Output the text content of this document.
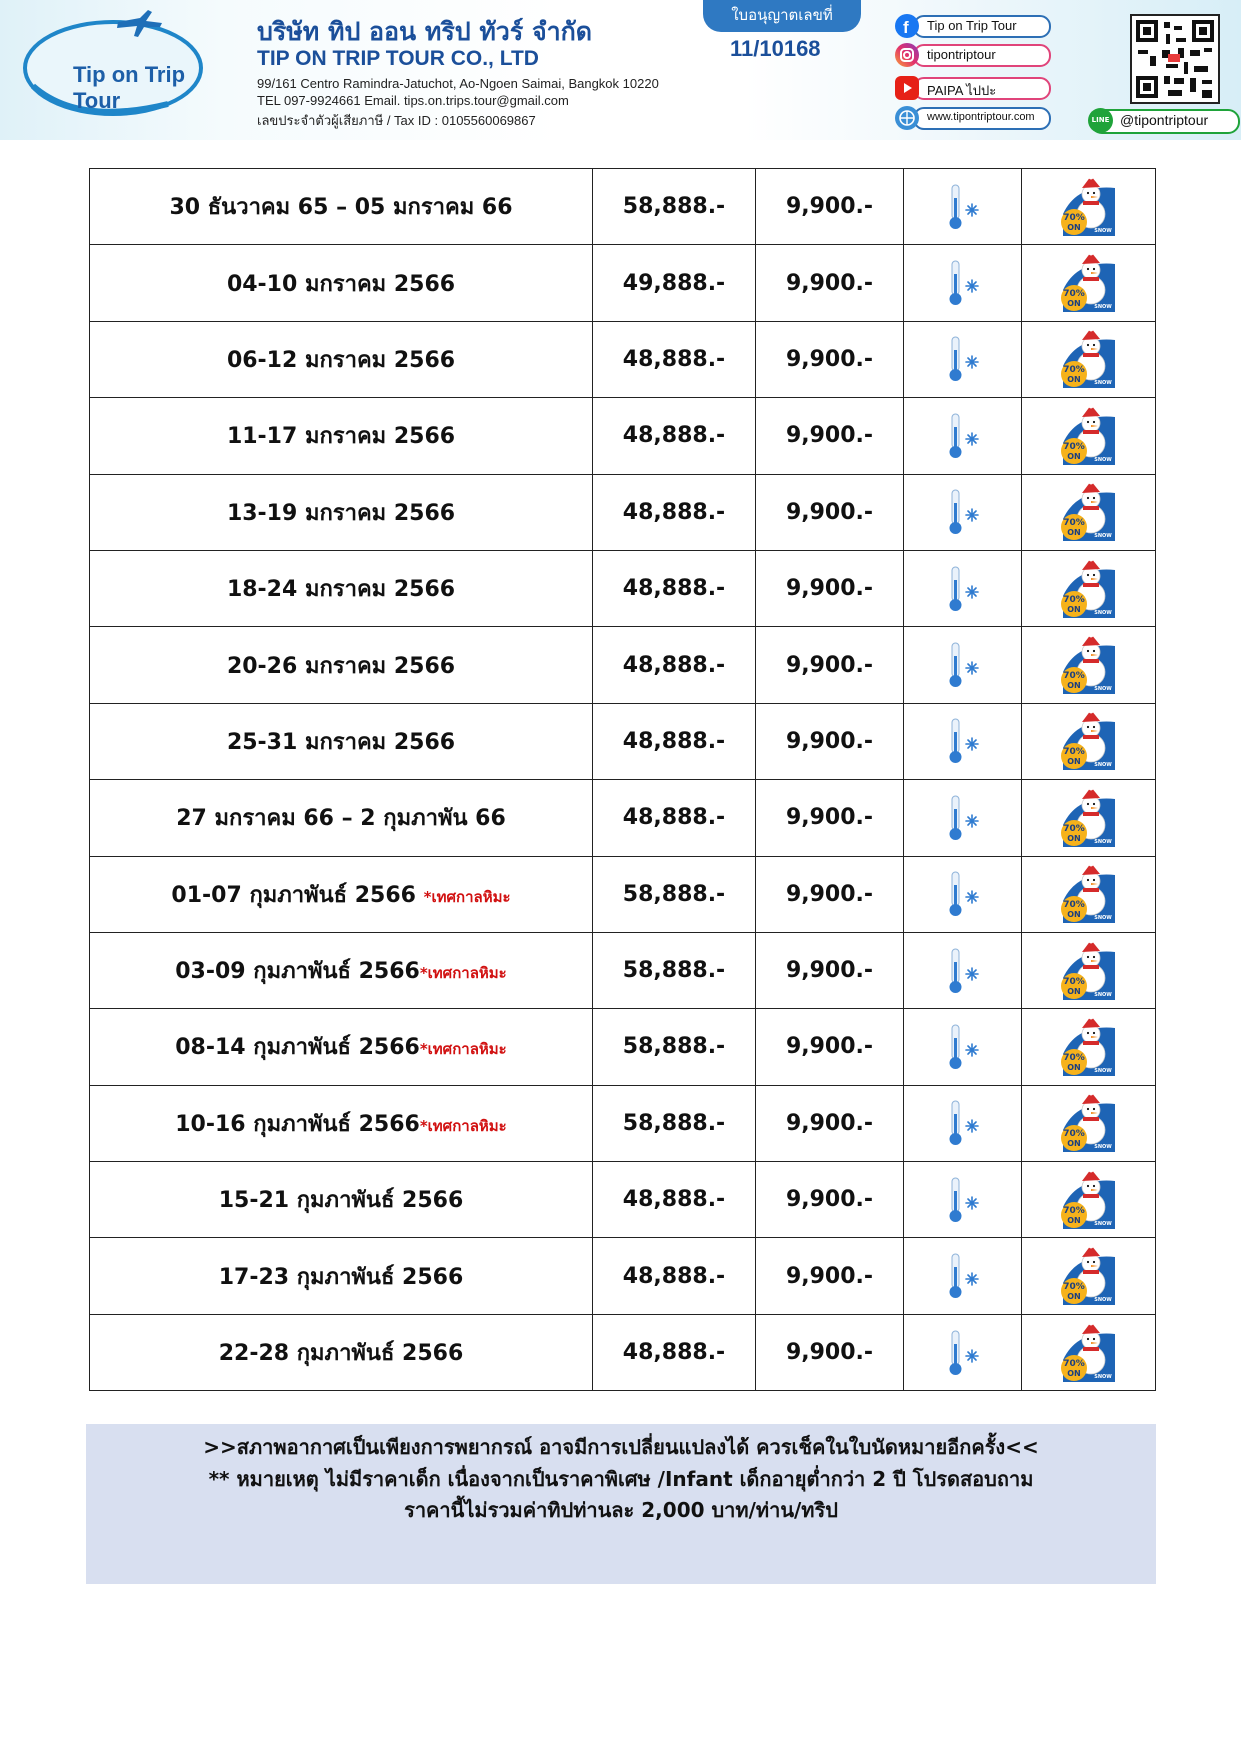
Tip on Trip Tour
บริษัท ทิป ออน ทริป ทัวร์ จำกัด
TIP ON TRIP TOUR CO., LTD
99/161 Centro Ramindra-Jatuchot, Ao-Ngoen Saimai, Bangkok 10220
TEL 097-9924661 Email. tips.on.trips.tour@gmail.com
เลขประจำตัวผู้เสียภาษี / Tax ID : 0105560069867
ใบอนุญาตเลขที่
11/10168
f Tip on Trip Tour
tipontriptour
PAIPA ไปปะ
www.tipontriptour.com	LINE @tipontriptour
30 ธันวาคม 65 – 05 มกราคม 66	58,888.-	9,900.-		70%
ON SNOW

04-10 มกราคม 2566	49,888.-	9,900.-		70%
ON SNOW

06-12 มกราคม 2566	48,888.-	9,900.-		70%
ON SNOW

11-17 มกราคม 2566	48,888.-	9,900.-		70%
ON SNOW

13-19 มกราคม 2566	48,888.-	9,900.-		70%
ON SNOW

18-24 มกราคม 2566	48,888.-	9,900.-		70%
ON SNOW

20-26 มกราคม 2566	48,888.-	9,900.-		70%
ON SNOW

25-31 มกราคม 2566	48,888.-	9,900.-		70%
ON SNOW

27 มกราคม 66 – 2 กุมภาพัน 66	48,888.-	9,900.-		70%
ON SNOW

01-07 กุมภาพันธ์ 2566 *เทศกาลหิมะ	58,888.-	9,900.-		70%
ON SNOW

03-09 กุมภาพันธ์ 2566*เทศกาลหิมะ	58,888.-	9,900.-		70%
ON SNOW

08-14 กุมภาพันธ์ 2566*เทศกาลหิมะ	58,888.-	9,900.-		70%
ON SNOW

10-16 กุมภาพันธ์ 2566*เทศกาลหิมะ	58,888.-	9,900.-		70%
ON SNOW

15-21 กุมภาพันธ์ 2566	48,888.-	9,900.-		70%
ON SNOW

17-23 กุมภาพันธ์ 2566	48,888.-	9,900.-		70%
ON SNOW

22-28 กุมภาพันธ์ 2566	48,888.-	9,900.-		70%
ON SNOW
>>สภาพอากาศเป็นเพียงการพยากรณ์ อาจมีการเปลี่ยนแปลงได้ ควรเช็คในใบนัดหมายอีกครั้ง<<
** หมายเหตุ ไม่มีราคาเด็ก เนื่องจากเป็นราคาพิเศษ /Infant เด็กอายุต่ำกว่า 2 ปี โปรดสอบถาม
ราคานี้ไม่รวมค่าทิปท่านละ 2,000 บาท/ท่าน/ทริป
